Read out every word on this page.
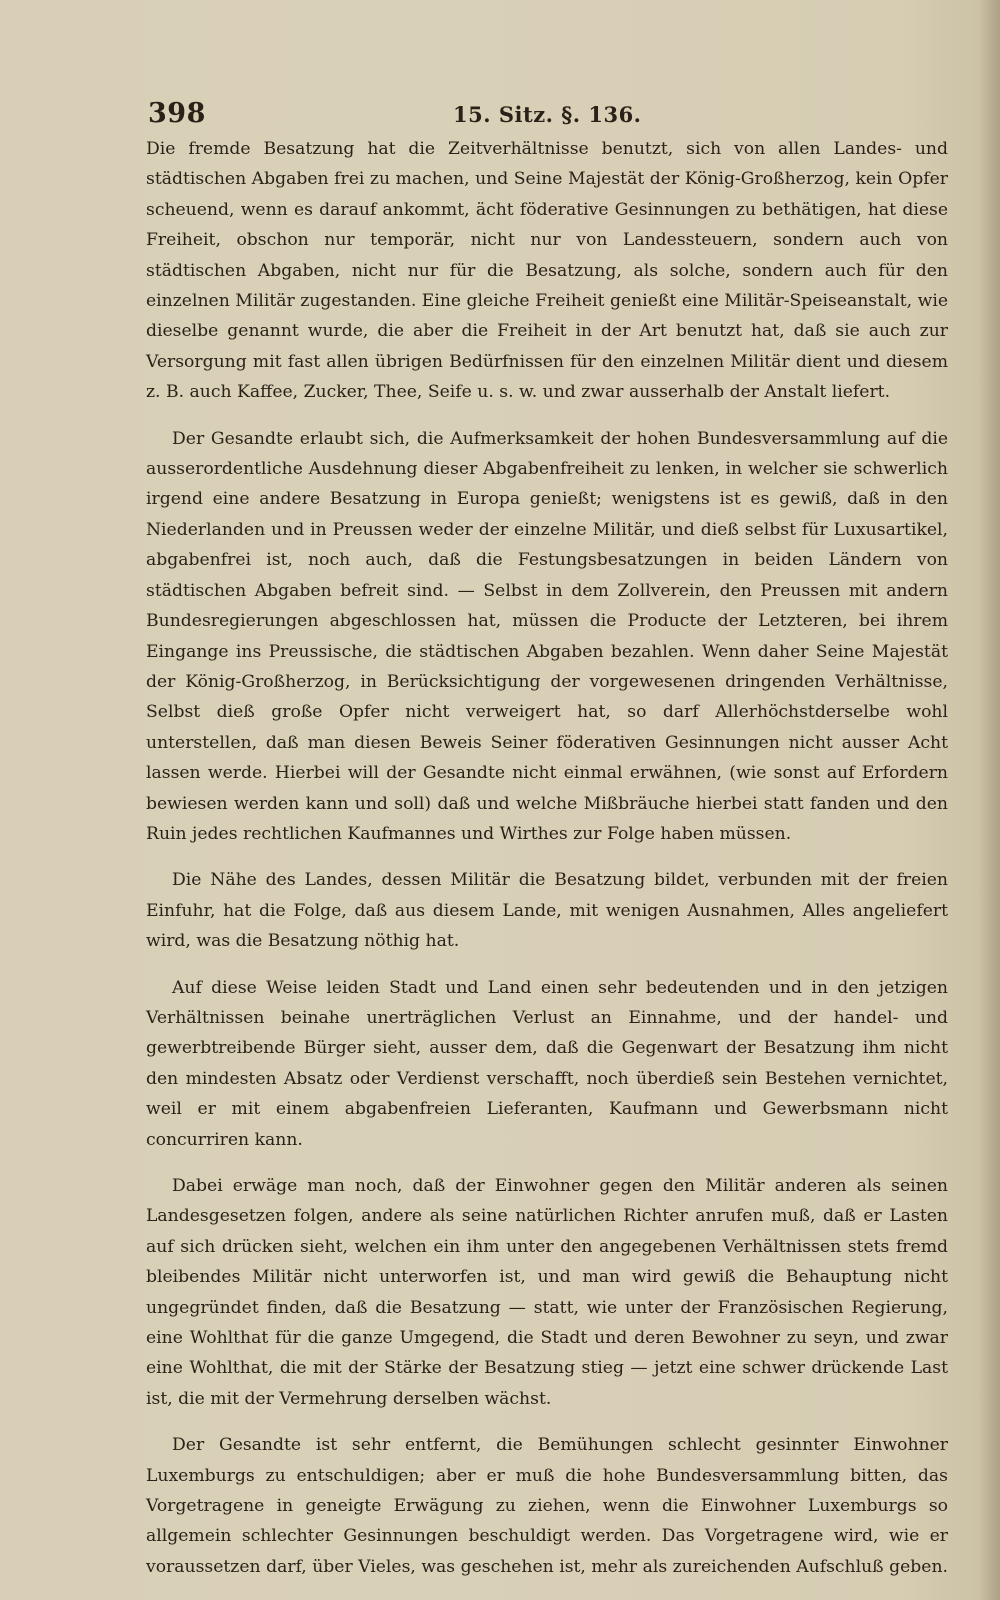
398	15. Sitz. §. 136.

Die fremde Besatzung hat die Zeitverhältnisse benutzt, sich von allen Landes- und städtischen Abgaben frei zu machen, und Seine Majestät der König-Großherzog, kein Opfer scheuend, wenn es darauf ankommt, ächt föderative Gesinnungen zu bethätigen, hat diese Freiheit, obschon nur temporär, nicht nur von Landessteuern, sondern auch von städtischen Abgaben, nicht nur für die Besatzung, als solche, sondern auch für den einzelnen Militär zugestanden. Eine gleiche Freiheit genießt eine Militär-Speiseanstalt, wie dieselbe genannt wurde, die aber die Freiheit in der Art benutzt hat, daß sie auch zur Versorgung mit fast allen übrigen Bedürfnissen für den einzelnen Militär dient und diesem z. B. auch Kaffee, Zucker, Thee, Seife u. s. w. und zwar ausserhalb der Anstalt liefert.

Der Gesandte erlaubt sich, die Aufmerksamkeit der hohen Bundesversammlung auf die ausserordentliche Ausdehnung dieser Abgabenfreiheit zu lenken, in welcher sie schwerlich irgend eine andere Besatzung in Europa genießt; wenigstens ist es gewiß, daß in den Niederlanden und in Preussen weder der einzelne Militär, und dieß selbst für Luxusartikel, abgabenfrei ist, noch auch, daß die Festungsbesatzungen in beiden Ländern von städtischen Abgaben befreit sind. — Selbst in dem Zollverein, den Preussen mit andern Bundesregierungen abgeschlossen hat, müssen die Producte der Letzteren, bei ihrem Eingange ins Preussische, die städtischen Abgaben bezahlen. Wenn daher Seine Majestät der König-Großherzog, in Berücksichtigung der vorgewesenen dringenden Verhältnisse, Selbst dieß große Opfer nicht verweigert hat, so darf Allerhöchstderselbe wohl unterstellen, daß man diesen Beweis Seiner föderativen Gesinnungen nicht ausser Acht lassen werde. Hierbei will der Gesandte nicht einmal erwähnen, (wie sonst auf Erfordern bewiesen werden kann und soll) daß und welche Mißbräuche hierbei statt fanden und den Ruin jedes rechtlichen Kaufmannes und Wirthes zur Folge haben müssen.

Die Nähe des Landes, dessen Militär die Besatzung bildet, verbunden mit der freien Einfuhr, hat die Folge, daß aus diesem Lande, mit wenigen Ausnahmen, Alles angeliefert wird, was die Besatzung nöthig hat.

Auf diese Weise leiden Stadt und Land einen sehr bedeutenden und in den jetzigen Verhältnissen beinahe unerträglichen Verlust an Einnahme, und der handel- und gewerbtreibende Bürger sieht, ausser dem, daß die Gegenwart der Besatzung ihm nicht den mindesten Absatz oder Verdienst verschafft, noch überdieß sein Bestehen vernichtet, weil er mit einem abgabenfreien Lieferanten, Kaufmann und Gewerbsmann nicht concurriren kann.

Dabei erwäge man noch, daß der Einwohner gegen den Militär anderen als seinen Landesgesetzen folgen, andere als seine natürlichen Richter anrufen muß, daß er Lasten auf sich drücken sieht, welchen ein ihm unter den angegebenen Verhältnissen stets fremd bleibendes Militär nicht unterworfen ist, und man wird gewiß die Behauptung nicht ungegründet finden, daß die Besatzung — statt, wie unter der Französischen Regierung, eine Wohlthat für die ganze Umgegend, die Stadt und deren Bewohner zu seyn, und zwar eine Wohlthat, die mit der Stärke der Besatzung stieg — jetzt eine schwer drückende Last ist, die mit der Vermehrung derselben wächst.

Der Gesandte ist sehr entfernt, die Bemühungen schlecht gesinnter Einwohner Luxemburgs zu entschuldigen; aber er muß die hohe Bundesversammlung bitten, das Vorgetragene in geneigte Erwägung zu ziehen, wenn die Einwohner Luxemburgs so allgemein schlechter Gesinnungen beschuldigt werden. Das Vorgetragene wird, wie er voraussetzen darf, über Vieles, was geschehen ist, mehr als zureichenden Aufschluß geben.
